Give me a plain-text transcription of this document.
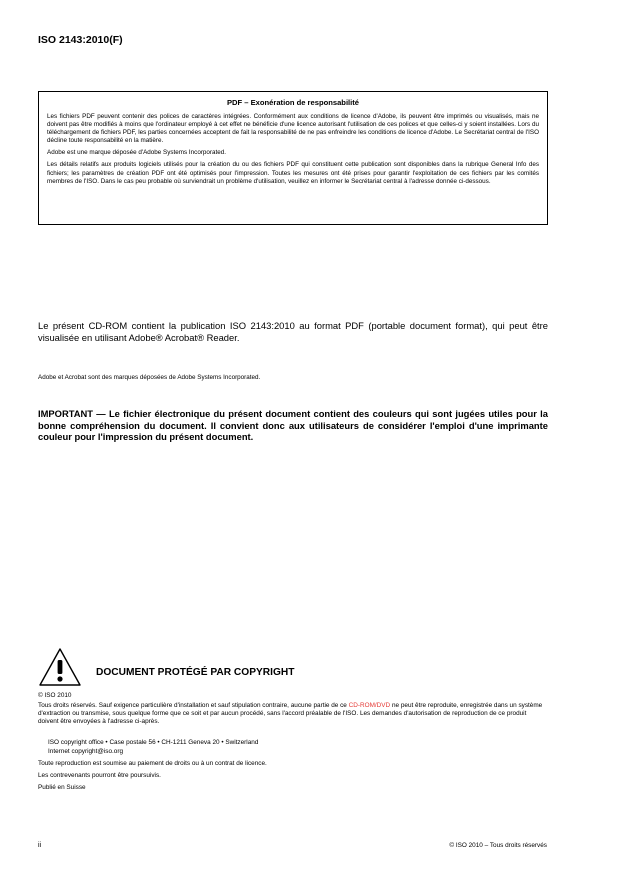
ISO 2143:2010(F)
PDF – Exonération de responsabilité

Les fichiers PDF peuvent contenir des polices de caractères intégrées. Conformément aux conditions de licence d'Adobe, ils peuvent être imprimés ou visualisés, mais ne doivent pas être modifiés à moins que l'ordinateur employé à cet effet ne bénéficie d'une licence autorisant l'utilisation de ces polices et que celles-ci y soient installées. Lors du téléchargement de fichiers PDF, les parties concernées acceptent de fait la responsabilité de ne pas enfreindre les conditions de licence d'Adobe. Le Secrétariat central de l'ISO décline toute responsabilité en la matière.

Adobe est une marque déposée d'Adobe Systems Incorporated.

Les détails relatifs aux produits logiciels utilisés pour la création du ou des fichiers PDF qui constituent cette publication sont disponibles dans la rubrique General Info des fichiers; les paramètres de création PDF ont été optimisés pour l'impression. Toutes les mesures ont été prises pour garantir l'exploitation de ces fichiers par les comités membres de l'ISO. Dans le cas peu probable où surviendrait un problème d'utilisation, veuillez en informer le Secrétariat central à l'adresse donnée ci-dessous.

Le présent CD-ROM contient la publication ISO 2143:2010 au format PDF (portable document format), qui peut être visualisée en utilisant Adobe® Acrobat® Reader.
Adobe et Acrobat sont des marques déposées de Adobe Systems Incorporated.
IMPORTANT — Le fichier électronique du présent document contient des couleurs qui sont jugées utiles pour la bonne compréhension du document. Il convient donc aux utilisateurs de considérer l'emploi d'une imprimante couleur pour l'impression du présent document.
DOCUMENT PROTÉGÉ PAR COPYRIGHT
© ISO 2010
Tous droits réservés. Sauf exigence particulière d'installation et sauf stipulation contraire, aucune partie de ce CD-ROM/DVD ne peut être reproduite, enregistrée dans un système d'extraction ou transmise, sous quelque forme que ce soit et par aucun procédé, sans l'accord préalable de l'ISO. Les demandes d'autorisation de reproduction de ce produit doivent être envoyées à l'adresse ci-après.
ISO copyright office • Case postale 56 • CH-1211 Geneva 20 • Switzerland
Internet copyright@iso.org
Toute reproduction est soumise au paiement de droits ou à un contrat de licence.
Les contrevenants pourront être poursuivis.
Publié en Suisse
ii	© ISO 2010 – Tous droits réservés
